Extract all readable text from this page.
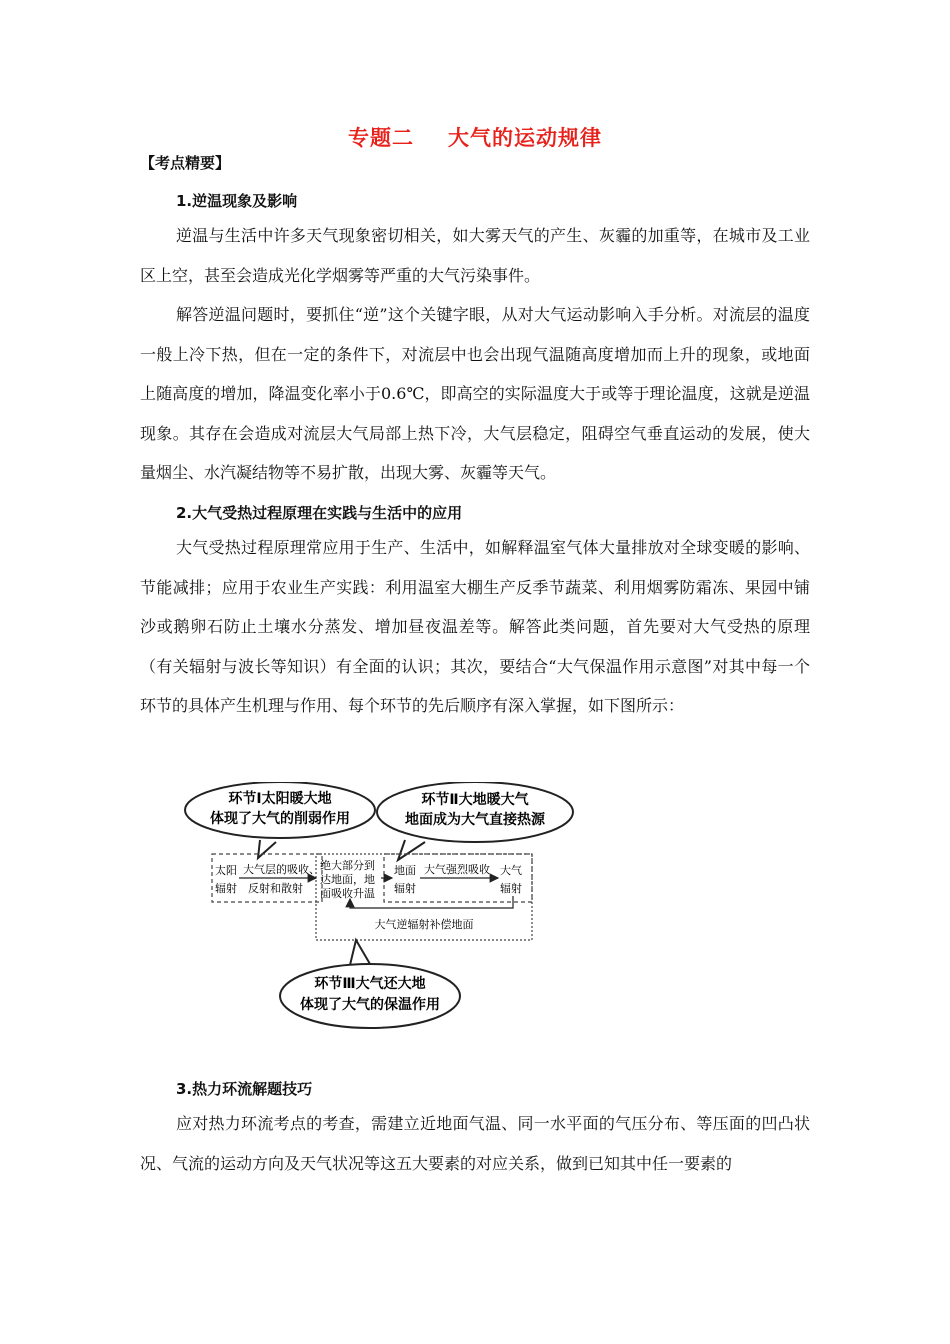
专题二 大气的运动规律
【考点精要】
1.逆温现象及影响
逆温与生活中许多天气现象密切相关，如大雾天气的产生、灰霾的加重等，在城市及工业区上空，甚至会造成光化学烟雾等严重的大气污染事件。
解答逆温问题时，要抓住“逆”这个关键字眼，从对大气运动影响入手分析。对流层的温度一般上冷下热，但在一定的条件下，对流层中也会出现气温随高度增加而上升的现象，或地面上随高度的增加，降温变化率小于0.6℃，即高空的实际温度大于或等于理论温度，这就是逆温现象。其存在会造成对流层大气局部上热下冷，大气层稳定，阻碍空气垂直运动的发展，使大量烟尘、水汽凝结物等不易扩散，出现大雾、灰霾等天气。
2.大气受热过程原理在实践与生活中的应用
大气受热过程原理常应用于生产、生活中，如解释温室气体大量排放对全球变暖的影响、节能减排；应用于农业生产实践：利用温室大棚生产反季节蔬菜、利用烟雾防霜冻、果园中铺沙或鹅卵石防止土壤水分蒸发、增加昼夜温差等。解答此类问题，首先要对大气受热的原理（有关辐射与波长等知识）有全面的认识；其次，要结合“大气保温作用示意图”对其中每一个环节的具体产生机理与作用、每个环节的先后顺序有深入掌握，如下图所示：
环节Ⅰ太阳暖大地
体现了大气的削弱作用
环节Ⅱ大地暖大气
地面成为大气直接热源
太阳
辐射
大气层的吸收、
反射和散射
绝大部分到
达地面，地
面吸收升温
地面
辐射
大气强烈吸收 大气
辐射
大气逆辐射补偿地面
环节Ⅲ大气还大地
体现了大气的保温作用
3.热力环流解题技巧
应对热力环流考点的考查，需建立近地面气温、同一水平面的气压分布、等压面的凹凸状况、气流的运动方向及天气状况等这五大要素的对应关系，做到已知其中任一要素的
